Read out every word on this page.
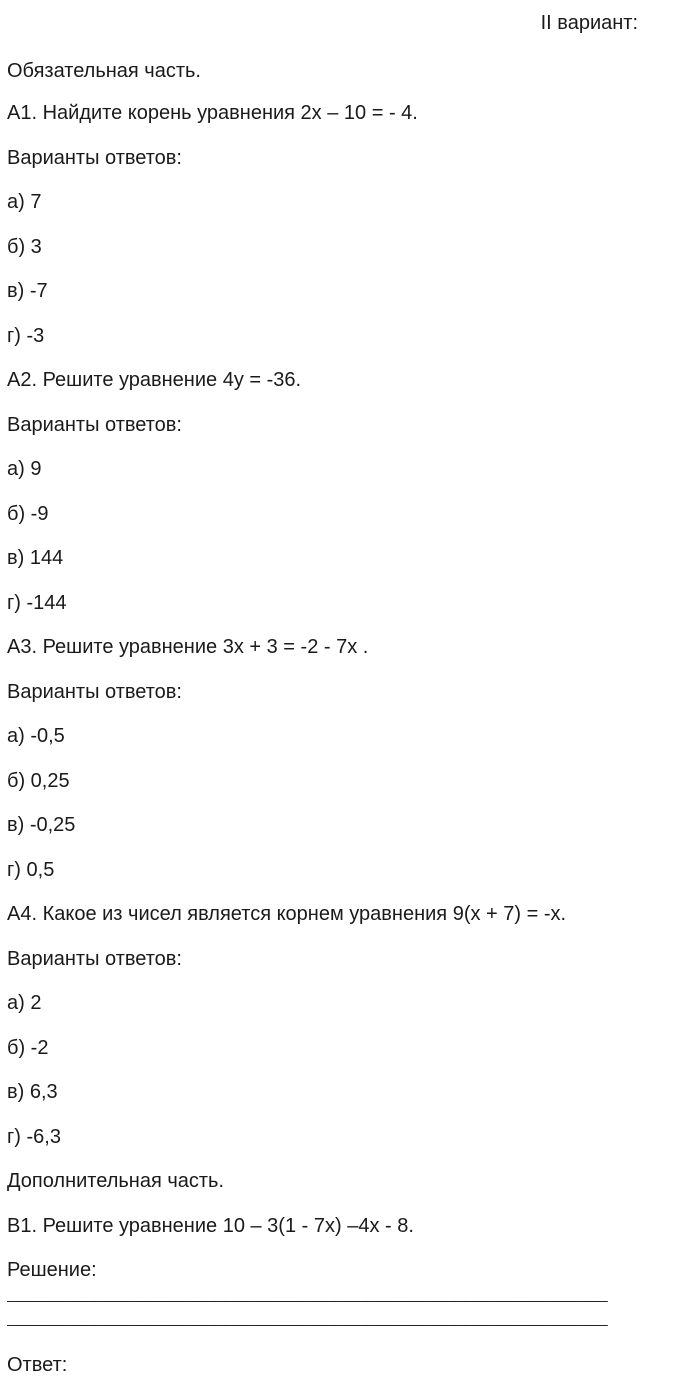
II вариант:
Обязательная часть.
А1. Найдите корень уравнения 2х – 10 = - 4.
Варианты ответов:
а) 7
б) 3
в) -7
г) -3
А2. Решите уравнение 4у = -36.
Варианты ответов:
а) 9
б) -9
в) 144
г) -144
А3. Решите уравнение 3х + 3 = -2 - 7х .
Варианты ответов:
а) -0,5
б) 0,25
в) -0,25
г) 0,5
А4. Какое из чисел является корнем уравнения 9(х + 7) = -х.
Варианты ответов:
а) 2
б) -2
в) 6,3
г) -6,3
Дополнительная часть.
В1. Решите уравнение 10 – 3(1 - 7х) –4х - 8.
Решение:
_______________________________________________________
_______________________________________________________
Ответ:
